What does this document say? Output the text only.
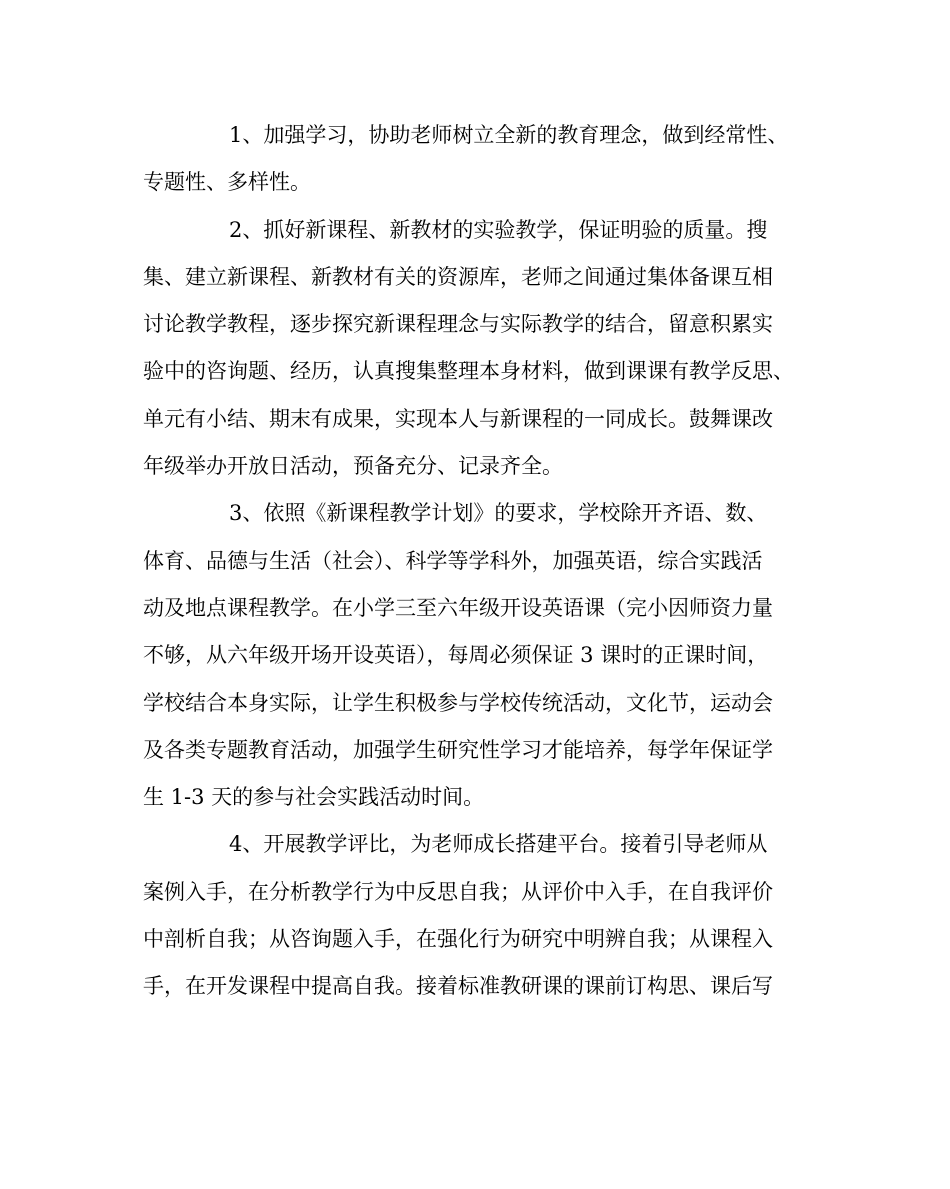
1、加强学习，协助老师树立全新的教育理念，做到经常性、

专题性、多样性。

2、抓好新课程、新教材的实验教学，保证明验的质量。搜

集、建立新课程、新教材有关的资源库，老师之间通过集体备课互相

讨论教学教程，逐步探究新课程理念与实际教学的结合，留意积累实

验中的咨询题、经历，认真搜集整理本身材料，做到课课有教学反思、

单元有小结、期末有成果，实现本人与新课程的一同成长。鼓舞课改

年级举办开放日活动，预备充分、记录齐全。

3、依照《新课程教学计划》的要求，学校除开齐语、数、

体育、品德与生活（社会）、科学等学科外，加强英语，综合实践活

动及地点课程教学。在小学三至六年级开设英语课（完小因师资力量

不够，从六年级开场开设英语），每周必须保证 3 课时的正课时间，

学校结合本身实际，让学生积极参与学校传统活动，文化节，运动会

及各类专题教育活动，加强学生研究性学习才能培养，每学年保证学

生 1-3 天的参与社会实践活动时间。

4、开展教学评比，为老师成长搭建平台。接着引导老师从

案例入手，在分析教学行为中反思自我；从评价中入手，在自我评价

中剖析自我；从咨询题入手，在强化行为研究中明辨自我；从课程入

手，在开发课程中提高自我。接着标准教研课的课前订构思、课后写
